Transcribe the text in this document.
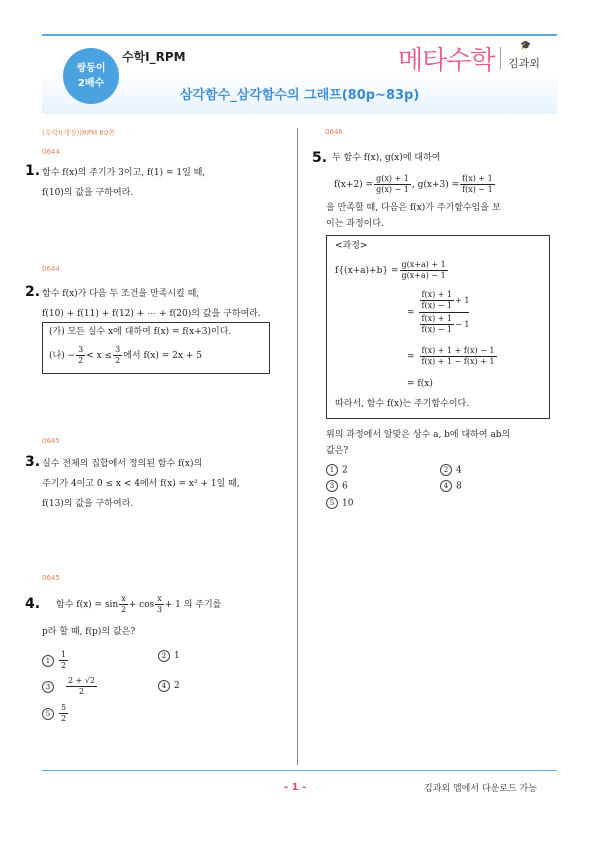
쌍둥이
2배수
수학Ⅰ_RPM	메타수학	🎓
김과외
삼각함수_삼각함수의 그래프(80p~83p)
(수학Ⅰ(개정))RPM 80쪽
0644
1. 함수 f(x)의 주기가 3이고, f(1) = 1일 때,
f(10)의 값을 구하여라.
0644
2. 함수 f(x)가 다음 두 조건을 만족시킬 때,
f(10) + f(11) + f(12) + ⋯ + f(20)의 값을 구하여라.
(가) 모든 실수 x에 대하여 f(x) = f(x+3)이다.
(나) − $\frac{3}{2} < x \le \frac{3}{2}$ 에서 f(x) = 2x + 5
0645
3. 실수 전체의 집합에서 정의된 함수 f(x)의
주기가 4이고 0 ≤ x < 4에서 f(x) = x² + 1일 때,
f(13)의 값을 구하여라.
0645
4. 함수 $f(x) = \sin \frac{x}{2} + \cos \frac{x}{3} + 1$ 의 주기를
p라 할 때, f(p)의 값은?
1	$\frac{1}{2}$	2 1
3	$\frac{2 + √2}{2}$	4 2
5	$\frac{5}{2}$
0646
5. 두 함수 f(x), g(x)에 대하여
$f(x+2) = \frac{g(x) + 1}{g(x) - 1}$ , $g(x+3) = \frac{f(x) + 1}{f(x) - 1}$
을 만족할 때, 다음은 f(x)가 주기함수임을 보
이는 과정이다.
<과정>
$f\{(x+a)+b\} = \frac{g(x+a) + 1}{g(x+a) - 1}$
= $\frac{\frac{f(x) + 1}{f(x) - 1} + 1}{\frac{f(x) + 1}{f(x) - 1} - 1}$
= $\frac{f(x) + 1 + f(x) - 1}{f(x) + 1 - f(x) + 1}$
= f(x)
따라서, 함수 f(x)는 주기함수이다.
위의 과정에서 알맞은 상수 a, b에 대하여 ab의
값은?
1 2	2 4
3 6	4 8
5 10
- 1 -	김과외 앱에서 다운로드 가능
